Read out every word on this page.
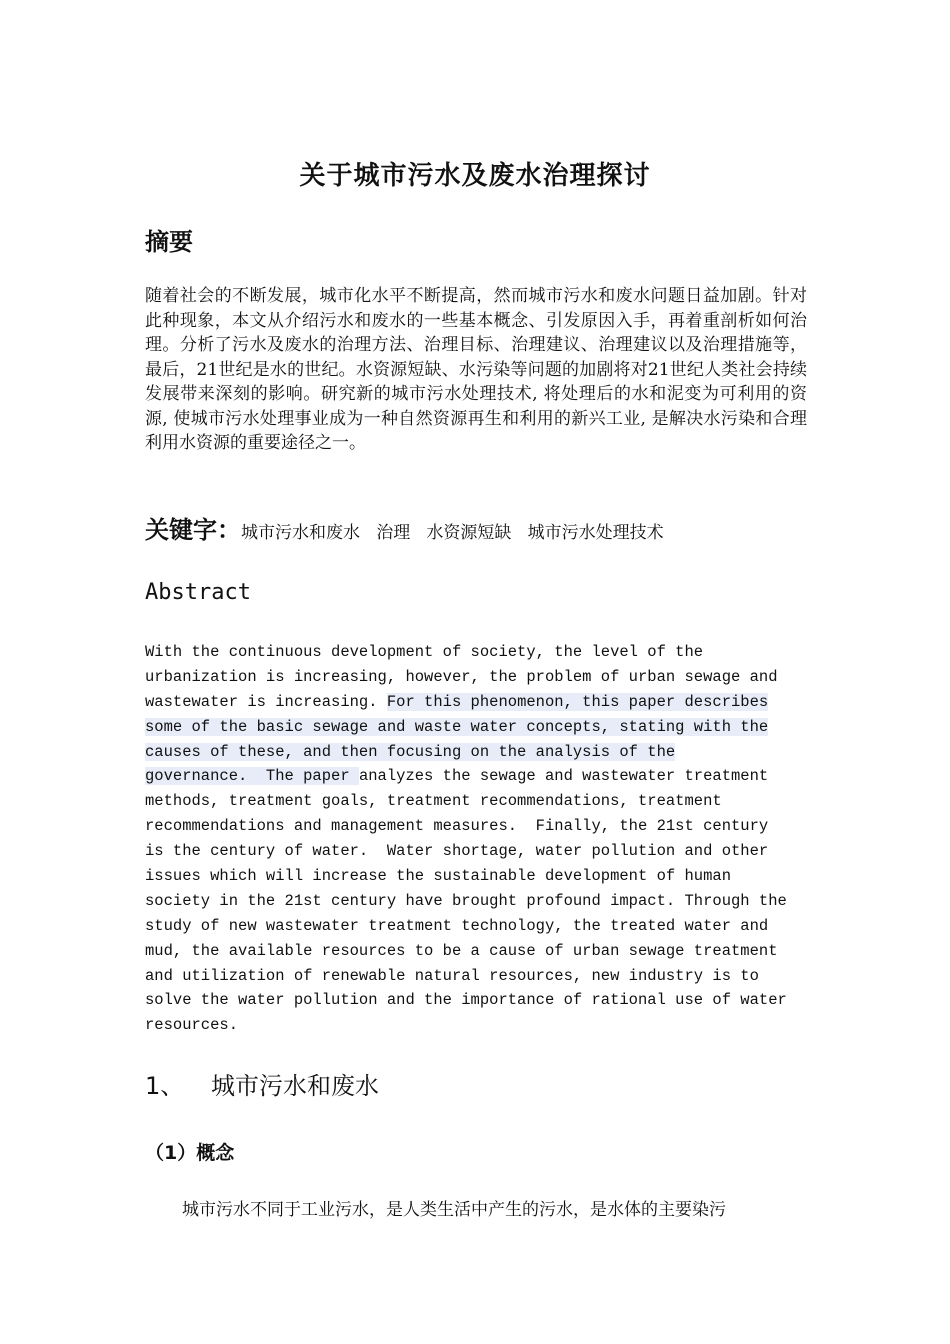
关于城市污水及废水治理探讨
摘要
随着社会的不断发展，城市化水平不断提高，然而城市污水和废水问题日益加剧。针对此种现象，本文从介绍污水和废水的一些基本概念、引发原因入手，再着重剖析如何治理。分析了污水及废水的治理方法、治理目标、治理建议、治理建议以及治理措施等，最后，21世纪是水的世纪。水资源短缺、水污染等问题的加剧将对21世纪人类社会持续发展带来深刻的影响。研究新的城市污水处理技术, 将处理后的水和泥变为可利用的资源, 使城市污水处理事业成为一种自然资源再生和利用的新兴工业, 是解决水污染和合理利用水资源的重要途径之一。
关键字：城市污水和废水   治理   水资源短缺   城市污水处理技术
Abstract
With the continuous development of society, the level of the
urbanization is increasing, however, the problem of urban sewage and
wastewater is increasing. For this phenomenon, this paper describes
some of the basic sewage and waste water concepts, stating with the
causes of these, and then focusing on the analysis of the
governance.  The paper analyzes the sewage and wastewater treatment
methods, treatment goals, treatment recommendations, treatment
recommendations and management measures.  Finally, the 21st century
is the century of water.  Water shortage, water pollution and other
issues which will increase the sustainable development of human
society in the 21st century have brought profound impact. Through the
study of new wastewater treatment technology, the treated water and
mud, the available resources to be a cause of urban sewage treatment
and utilization of renewable natural resources, new industry is to
solve the water pollution and the importance of rational use of water
resources.
1、 城市污水和废水
（1）概念
城市污水不同于工业污水，是人类生活中产生的污水，是水体的主要染污
